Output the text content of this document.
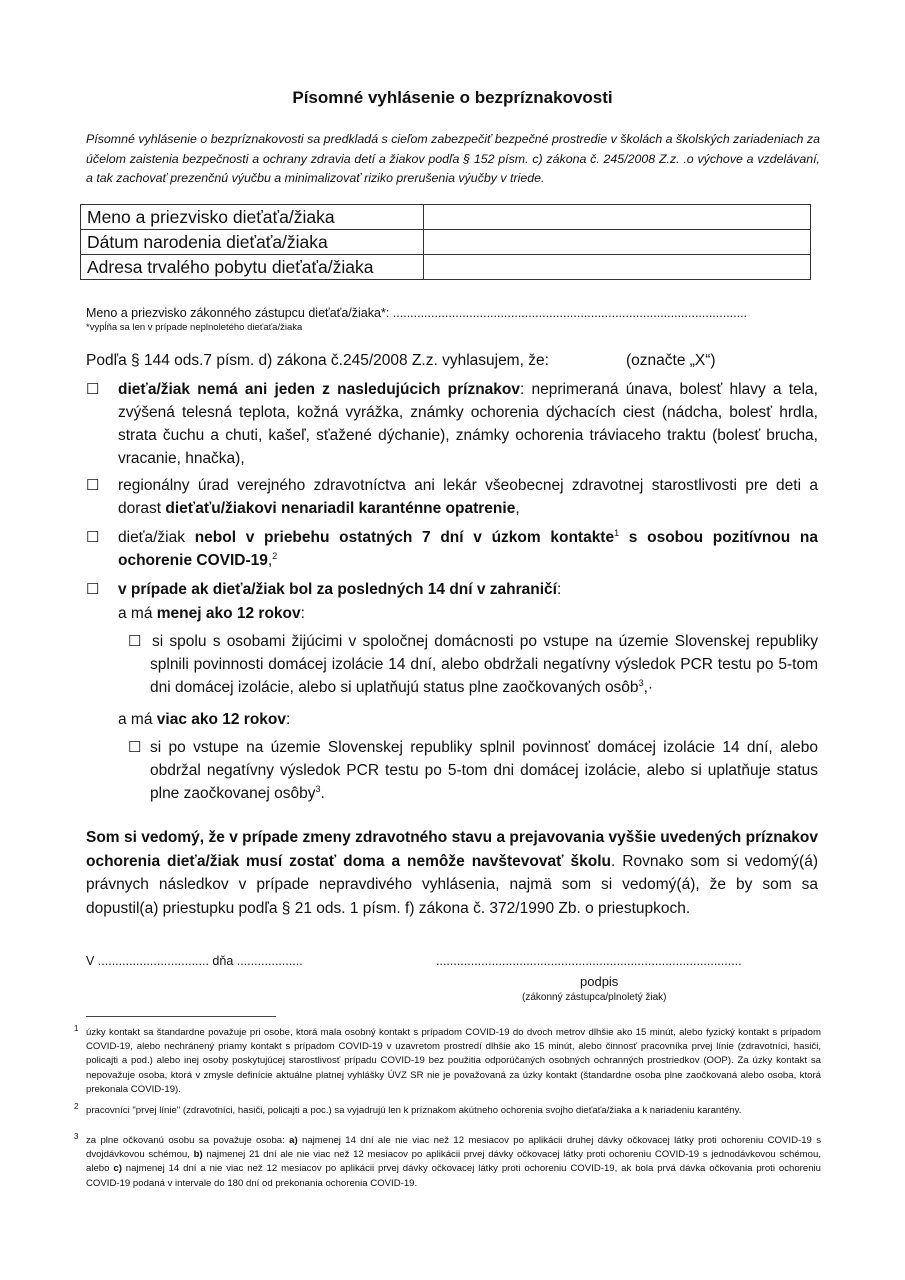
Písomné vyhlásenie o bezpríznakovosti
Písomné vyhlásenie o bezpríznakovosti sa predkladá s cieľom zabezpečiť bezpečné prostredie v školách a školských zariadeniach za účelom zaistenia bezpečnosti a ochrany zdravia detí a žiakov podľa § 152 písm. c) zákona č. 245/2008 Z.z. .o výchove a vzdelávaní, a tak zachovať prezenčnú výučbu a minimalizovať riziko prerušenia výučby v triede.
Meno a priezvisko dieťaťa/žiaka	
Dátum narodenia dieťaťa/žiaka	
Adresa trvalého pobytu dieťaťa/žiaka	
Meno a priezvisko zákonného zástupcu dieťaťa/žiaka*: ......................................................................................................
*vypĺňa sa len v prípade neplnoletého dieťaťa/žiaka
Podľa § 144 ods.7 písm. d) zákona č.245/2008 Z.z. vyhlasujem, že:	(označte „X“)
☐ dieťa/žiak nemá ani jeden z nasledujúcich príznakov: neprimeraná únava, bolesť hlavy a tela, zvýšená telesná teplota, kožná vyrážka, známky ochorenia dýchacích ciest (nádcha, bolesť hrdla, strata čuchu a chuti, kašeľ, sťažené dýchanie), známky ochorenia tráviaceho traktu (bolesť brucha, vracanie, hnačka),
☐ regionálny úrad verejného zdravotníctva ani lekár všeobecnej zdravotnej starostlivosti pre deti a dorast dieťaťu/žiakovi nenariadil karanténne opatrenie,
☐ dieťa/žiak nebol v priebehu ostatných 7 dní v úzkom kontakte$^1$ s osobou pozitívnou na ochorenie COVID-19,$^2$
☐ v prípade ak dieťa/žiak bol za posledných 14 dní v zahraničí:
a má menej ako 12 rokov:
☐ si spolu s osobami žijúcimi v spoločnej domácnosti po vstupe na územie Slovenskej republiky splnili povinnosti domácej izolácie 14 dní, alebo obdržali negatívny výsledok PCR testu po 5-tom dni domácej izolácie, alebo si uplatňujú status plne zaočkovaných osôb$^3$,·
a má viac ako 12 rokov:
☐ si po vstupe na územie Slovenskej republiky splnil povinnosť domácej izolácie 14 dní, alebo obdržal negatívny výsledok PCR testu po 5-tom dni domácej izolácie, alebo si uplatňuje status plne zaočkovanej osôby$^3$.
Som si vedomý, že v prípade zmeny zdravotného stavu a prejavovania vyššie uvedených príznakov ochorenia dieťa/žiak musí zostať doma a nemôže navštevovať školu. Rovnako som si vedomý(á) právnych následkov v prípade nepravdivého vyhlásenia, najmä som si vedomý(á), že by som sa dopustil(a) priestupku podľa § 21 ods. 1 písm. f) zákona č. 372/1990 Zb. o priestupkoch.
V ................................ dňa ...................	........................................................................................
podpis
(zákonný zástupca/plnoletý žiak)
1 úzky kontakt sa štandardne považuje pri osobe, ktorá mala osobný kontakt s prípadom COVID-19 do dvoch metrov dlhšie ako 15 minút, alebo fyzický kontakt s prípadom COVID-19, alebo nechránený priamy kontakt s prípadom COVID-19 v uzavretom prostredí dlhšie ako 15 minút, alebo činnosť pracovníka prvej línie (zdravotníci, hasiči, policajti a pod.) alebo inej osoby poskytujúcej starostlivosť prípadu COVID-19 bez použitia odporúčaných osobných ochranných prostriedkov (OOP). Za úzky kontakt sa nepovažuje osoba, ktorá v zmysle definície aktuálne platnej vyhlášky ÚVZ SR nie je považovaná za úzky kontakt (štandardne osoba plne zaočkovaná alebo osoba, ktorá prekonala COVID-19).
2 pracovníci "prvej línie" (zdravotníci, hasiči, policajti a poc.) sa vyjadrujú len k príznakom akútneho ochorenia svojho dieťaťa/žiaka a k nariadeniu karantény.
3 za plne očkovanú osobu sa považuje osoba: a) najmenej 14 dní ale nie viac než 12 mesiacov po aplikácii druhej dávky očkovacej látky proti ochoreniu COVID-19 s dvojdávkovou schémou, b) najmenej 21 dní ale nie viac než 12 mesiacov po aplikácii prvej dávky očkovacej látky proti ochoreniu COVID-19 s jednodávkovou schémou, alebo c) najmenej 14 dní a nie viac než 12 mesiacov po aplikácii prvej dávky očkovacej látky proti ochoreniu COVID-19, ak bola prvá dávka očkovania proti ochoreniu COVID-19 podaná v intervale do 180 dní od prekonania ochorenia COVID-19.
